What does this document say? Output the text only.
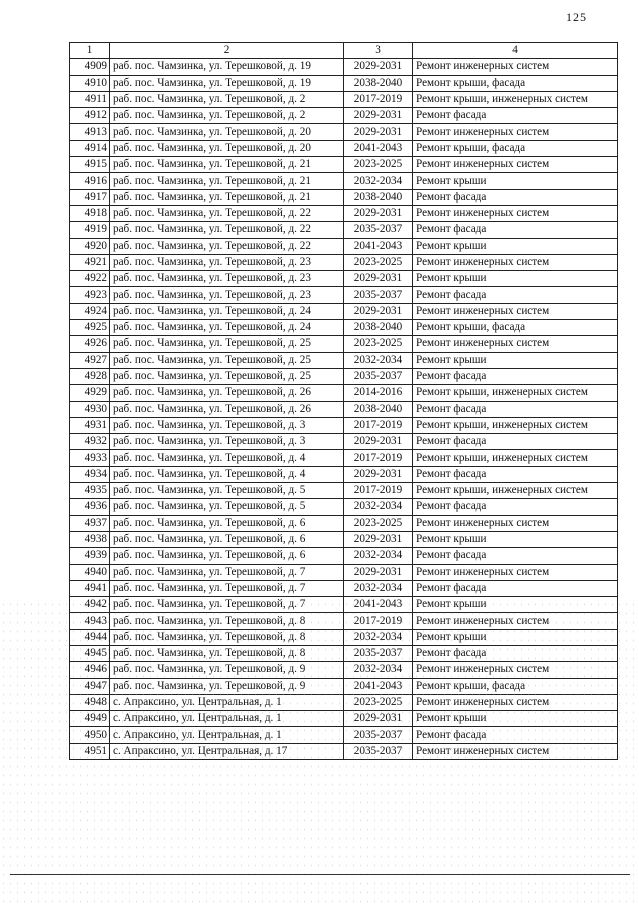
125
1	2	3	4
4909	раб. пос. Чамзинка, ул. Терешковой, д. 19	2029-2031	Ремонт инженерных систем
4910	раб. пос. Чамзинка, ул. Терешковой, д. 19	2038-2040	Ремонт крыши, фасада
4911	раб. пос. Чамзинка, ул. Терешковой, д. 2	2017-2019	Ремонт крыши, инженерных систем
4912	раб. пос. Чамзинка, ул. Терешковой, д. 2	2029-2031	Ремонт фасада
4913	раб. пос. Чамзинка, ул. Терешковой, д. 20	2029-2031	Ремонт инженерных систем
4914	раб. пос. Чамзинка, ул. Терешковой, д. 20	2041-2043	Ремонт крыши, фасада
4915	раб. пос. Чамзинка, ул. Терешковой, д. 21	2023-2025	Ремонт инженерных систем
4916	раб. пос. Чамзинка, ул. Терешковой, д. 21	2032-2034	Ремонт крыши
4917	раб. пос. Чамзинка, ул. Терешковой, д. 21	2038-2040	Ремонт фасада
4918	раб. пос. Чамзинка, ул. Терешковой, д. 22	2029-2031	Ремонт инженерных систем
4919	раб. пос. Чамзинка, ул. Терешковой, д. 22	2035-2037	Ремонт фасада
4920	раб. пос. Чамзинка, ул. Терешковой, д. 22	2041-2043	Ремонт крыши
4921	раб. пос. Чамзинка, ул. Терешковой, д. 23	2023-2025	Ремонт инженерных систем
4922	раб. пос. Чамзинка, ул. Терешковой, д. 23	2029-2031	Ремонт крыши
4923	раб. пос. Чамзинка, ул. Терешковой, д. 23	2035-2037	Ремонт фасада
4924	раб. пос. Чамзинка, ул. Терешковой, д. 24	2029-2031	Ремонт инженерных систем
4925	раб. пос. Чамзинка, ул. Терешковой, д. 24	2038-2040	Ремонт крыши, фасада
4926	раб. пос. Чамзинка, ул. Терешковой, д. 25	2023-2025	Ремонт инженерных систем
4927	раб. пос. Чамзинка, ул. Терешковой, д. 25	2032-2034	Ремонт крыши
4928	раб. пос. Чамзинка, ул. Терешковой, д. 25	2035-2037	Ремонт фасада
4929	раб. пос. Чамзинка, ул. Терешковой, д. 26	2014-2016	Ремонт крыши, инженерных систем
4930	раб. пос. Чамзинка, ул. Терешковой, д. 26	2038-2040	Ремонт фасада
4931	раб. пос. Чамзинка, ул. Терешковой, д. 3	2017-2019	Ремонт крыши, инженерных систем
4932	раб. пос. Чамзинка, ул. Терешковой, д. 3	2029-2031	Ремонт фасада
4933	раб. пос. Чамзинка, ул. Терешковой, д. 4	2017-2019	Ремонт крыши, инженерных систем
4934	раб. пос. Чамзинка, ул. Терешковой, д. 4	2029-2031	Ремонт фасада
4935	раб. пос. Чамзинка, ул. Терешковой, д. 5	2017-2019	Ремонт крыши, инженерных систем
4936	раб. пос. Чамзинка, ул. Терешковой, д. 5	2032-2034	Ремонт фасада
4937	раб. пос. Чамзинка, ул. Терешковой, д. 6	2023-2025	Ремонт инженерных систем
4938	раб. пос. Чамзинка, ул. Терешковой, д. 6	2029-2031	Ремонт крыши
4939	раб. пос. Чамзинка, ул. Терешковой, д. 6	2032-2034	Ремонт фасада
4940	раб. пос. Чамзинка, ул. Терешковой, д. 7	2029-2031	Ремонт инженерных систем
4941	раб. пос. Чамзинка, ул. Терешковой, д. 7	2032-2034	Ремонт фасада
4942	раб. пос. Чамзинка, ул. Терешковой, д. 7	2041-2043	Ремонт крыши
4943	раб. пос. Чамзинка, ул. Терешковой, д. 8	2017-2019	Ремонт инженерных систем
4944	раб. пос. Чамзинка, ул. Терешковой, д. 8	2032-2034	Ремонт крыши
4945	раб. пос. Чамзинка, ул. Терешковой, д. 8	2035-2037	Ремонт фасада
4946	раб. пос. Чамзинка, ул. Терешковой, д. 9	2032-2034	Ремонт инженерных систем
4947	раб. пос. Чамзинка, ул. Терешковой, д. 9	2041-2043	Ремонт крыши, фасада
4948	с. Апраксино, ул. Центральная, д. 1	2023-2025	Ремонт инженерных систем
4949	с. Апраксино, ул. Центральная, д. 1	2029-2031	Ремонт крыши
4950	с. Апраксино, ул. Центральная, д. 1	2035-2037	Ремонт фасада
4951	с. Апраксино, ул. Центральная, д. 17	2035-2037	Ремонт инженерных систем
